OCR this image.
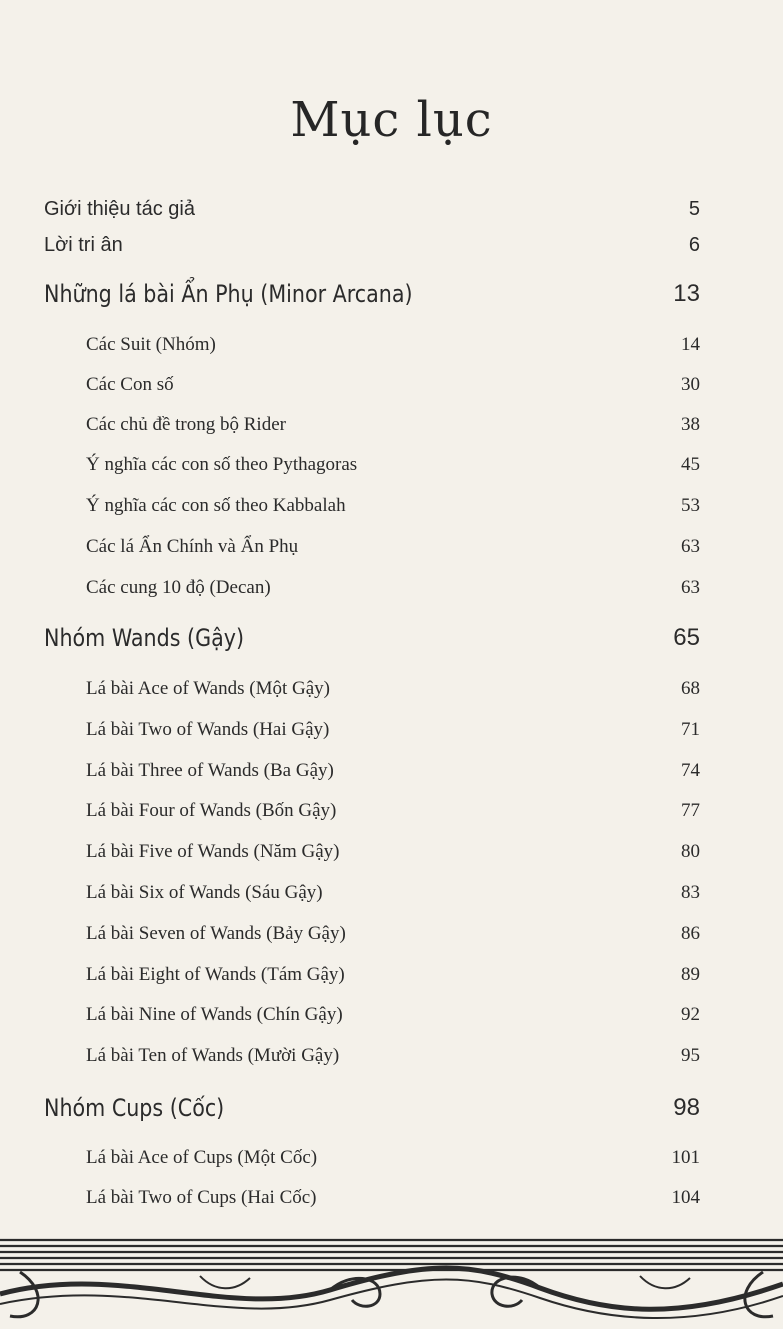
Mục lục
Giới thiệu tác giả	5
Lời tri ân	6
Những lá bài Ẩn Phụ (Minor Arcana)	13
Các Suit (Nhóm)	14
Các Con số	30
Các chủ đề trong bộ Rider	38
Ý nghĩa các con số theo Pythagoras	45
Ý nghĩa các con số theo Kabbalah	53
Các lá Ẩn Chính và Ẩn Phụ	63
Các cung 10 độ (Decan)	63
Nhóm Wands (Gậy)	65
Lá bài Ace of Wands (Một Gậy)	68
Lá bài Two of Wands (Hai Gậy)	71
Lá bài Three of Wands (Ba Gậy)	74
Lá bài Four of Wands (Bốn Gậy)	77
Lá bài Five of Wands (Năm Gậy)	80
Lá bài Six of Wands (Sáu Gậy)	83
Lá bài Seven of Wands (Bảy Gậy)	86
Lá bài Eight of Wands (Tám Gậy)	89
Lá bài Nine of Wands (Chín Gậy)	92
Lá bài Ten of Wands (Mười Gậy)	95
Nhóm Cups (Cốc)	98
Lá bài Ace of Cups (Một Cốc)	101
Lá bài Two of Cups (Hai Cốc)	104
